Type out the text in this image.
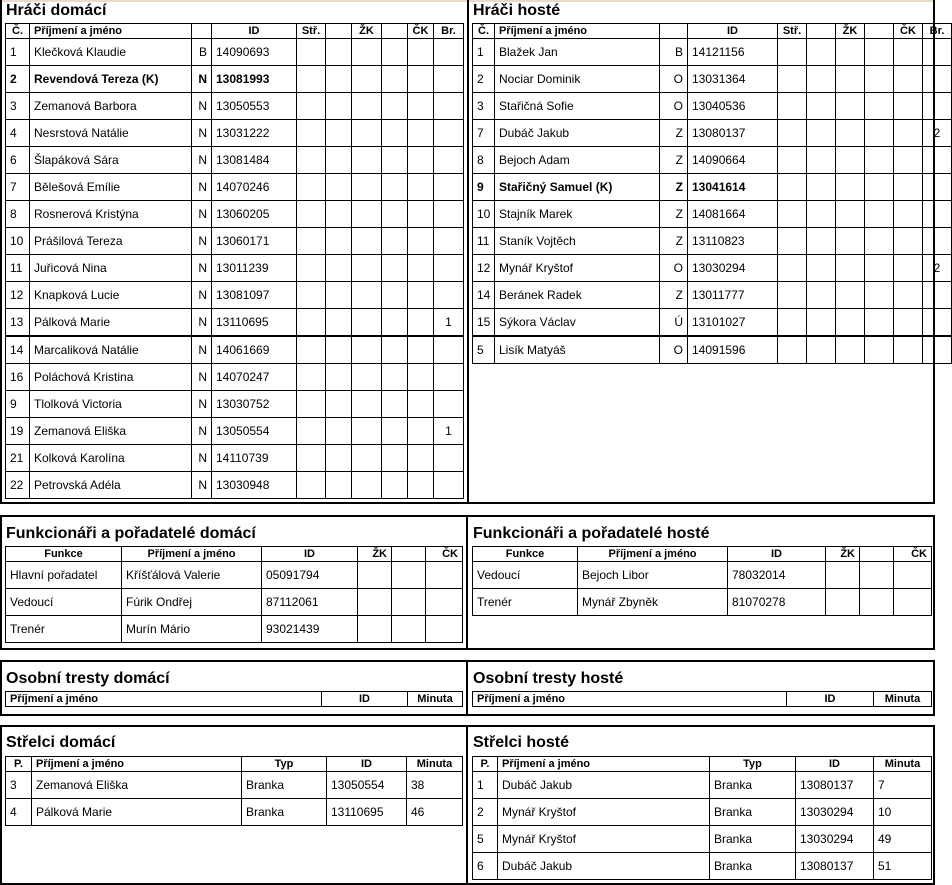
Hráči domácí	Hráči hosté
Č.	Příjmení a jméno		ID	Stř.		ŽK		ČK	Br.
1	Klečková Klaudie	B	14090693						
2	Revendová Tereza (K)	N	13081993						
3	Zemanová Barbora	N	13050553						
4	Nesrstová Natálie	N	13031222						
6	Šlapáková Sára	N	13081484						
7	Bělešová Emílie	N	14070246						
8	Rosnerová Kristýna	N	13060205						
10	Prášilová Tereza	N	13060171						
11	Juřicová Nina	N	13011239						
12	Knapková Lucie	N	13081097						
13	Pálková Marie	N	13110695						1
14	Marcaliková Natálie	N	14061669						
16	Poláchová Kristina	N	14070247						
9	Tlolková Victoria	N	13030752						
19	Zemanová Eliška	N	13050554						1
21	Kolková Karolína	N	14110739						
22	Petrovská Adéla	N	13030948						
Č.	Příjmení a jméno		ID	Stř.		ŽK		ČK	Br.
1	Blažek Jan	B	14121156						
2	Nociar Dominik	O	13031364						
3	Stařičná Sofie	O	13040536						
7	Dubáč Jakub	Z	13080137						2
8	Bejoch Adam	Z	14090664						
9	Stařičný Samuel (K)	Z	13041614						
10	Stajník Marek	Z	14081664						
11	Staník Vojtěch	Z	13110823						
12	Mynář Kryštof	O	13030294						2
14	Beránek Radek	Z	13011777						
15	Sýkora Václav	Ú	13101027						
5	Lisík Matyáš	O	14091596						
Funkcionáři a pořadatelé domácí	Funkcionáři a pořadatelé hosté
Funkce	Příjmení a jméno	ID	ŽK		ČK
Hlavní pořadatel	Kříšťálová Valerie	05091794			
Vedoucí	Fúrik Ondřej	87112061			
Trenér	Murín Mário	93021439			
Funkce	Příjmení a jméno	ID	ŽK		ČK
Vedoucí	Bejoch Libor	78032014			
Trenér	Mynář Zbyněk	81070278			
Osobní tresty domácí	Osobní tresty hosté
Příjmení a jméno	ID	Minuta Příjmení a jméno	ID	Minuta
Střelci domácí	Střelci hosté
P.	Příjmení a jméno	Typ	ID	Minuta
3	Zemanová Eliška	Branka	13050554	38
4	Pálková Marie	Branka	13110695	46
P.	Příjmení a jméno	Typ	ID	Minuta
1	Dubáč Jakub	Branka	13080137	7
2	Mynář Kryštof	Branka	13030294	10
5	Mynář Kryštof	Branka	13030294	49
6	Dubáč Jakub	Branka	13080137	51
